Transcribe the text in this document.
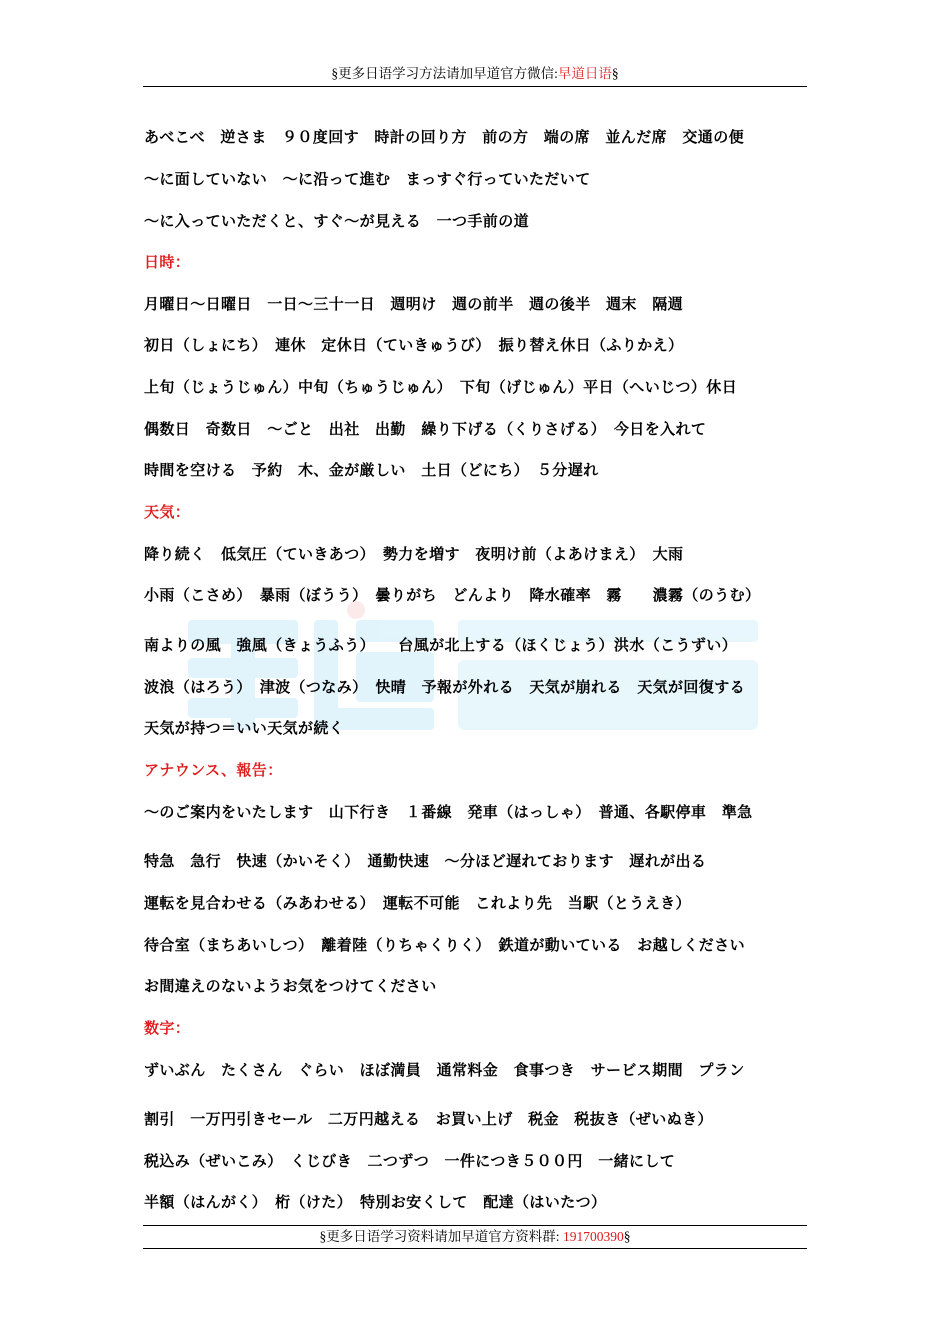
§更多日语学习方法请加早道官方微信:早道日语§
あべこべ　逆さま　９０度回す　時計の回り方　前の方　端の席　並んだ席　交通の便
～に面していない　～に沿って進む　まっすぐ行っていただいて
～に入っていただくと、すぐ～が見える　一つ手前の道
日時：
月曜日～日曜日　一日～三十一日　週明け　週の前半　週の後半　週末　隔週
初日（しょにち）　連休　定休日（ていきゅうび）　振り替え休日（ふりかえ）
上旬（じょうじゅん）中旬（ちゅうじゅん）　下旬（げじゅん）平日（へいじつ）休日
偶数日　奇数日　～ごと　出社　出勤　繰り下げる（くりさげる）　今日を入れて
時間を空ける　予約　木、金が厳しい　土日（どにち）　５分遅れ
天気：
降り続く　低気圧（ていきあつ）　勢力を増す　夜明け前（よあけまえ）　大雨
小雨（こさめ）　暴雨（ぼうう）　曇りがち　どんより　降水確率　霧　　濃霧（のうむ）
南よりの風　強風（きょうふう）　　台風が北上する（ほくじょう）洪水（こうずい）
波浪（はろう）　津波（つなみ）　快晴　予報が外れる　天気が崩れる　天気が回復する
天気が持つ＝いい天気が続く
アナウンス、報告：
～のご案内をいたします　山下行き　１番線　発車（はっしゃ）　普通、各駅停車　準急
特急　急行　快速（かいそく）　通勤快速　～分ほど遅れております　遅れが出る
運転を見合わせる（みあわせる）　運転不可能　これより先　当駅（とうえき）
待合室（まちあいしつ）　離着陸（りちゃくりく）　鉄道が動いている　お越しください
お間違えのないようお気をつけてください
数字：
ずいぶん　たくさん　ぐらい　ほぼ満員　通常料金　食事つき　サービス期間　プラン
割引　一万円引きセール　二万円越える　お買い上げ　税金　税抜き（ぜいぬき）
税込み（ぜいこみ）　くじびき　二つずつ　一件につき５００円　一緒にして
半額（はんがく）　桁（けた）　特別お安くして　配達（はいたつ）
§更多日语学习资料请加早道官方资料群: 191700390§
